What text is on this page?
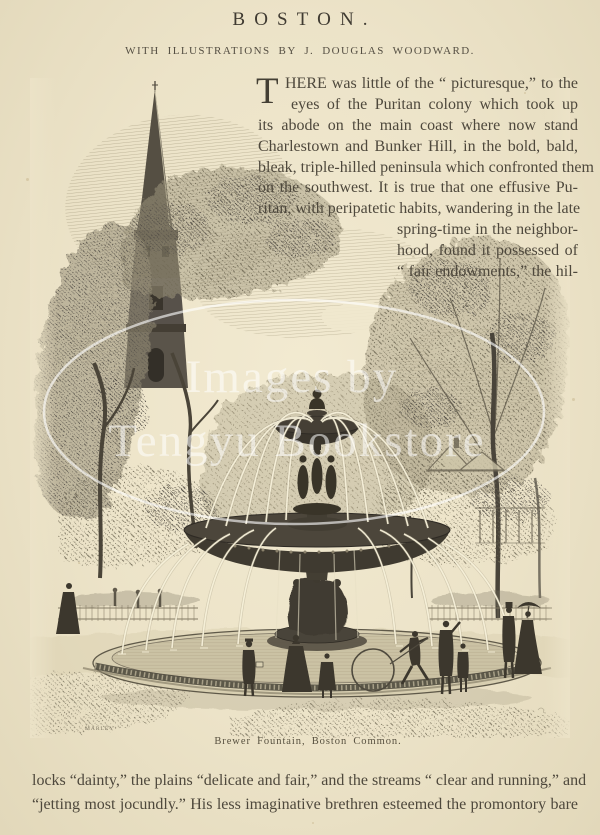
BOSTON.
WITH ILLUSTRATIONS BY J. DOUGLAS WOODWARD.
T HERE was little of the “ picturesque,” to the
eyes of the Puritan colony which took up
its abode on the main coast where now stand
Charlestown and Bunker Hill, in the bold, bald,
bleak, triple-hilled peninsula which confronted them
on the southwest. It is true that one effusive Pu-
ritan, with peripatetic habits, wandering in the late
spring-time in the neighbor-
hood, found it possessed of
“ fair endowments,” the hil-
MARLEY
Images by
Tengyu Bookstore
Brewer Fountain, Boston Common.
locks “dainty,” the plains “delicate and fair,” and the streams “ clear and running,” and
“jetting most jocundly.” His less imaginative brethren esteemed the promontory bare
